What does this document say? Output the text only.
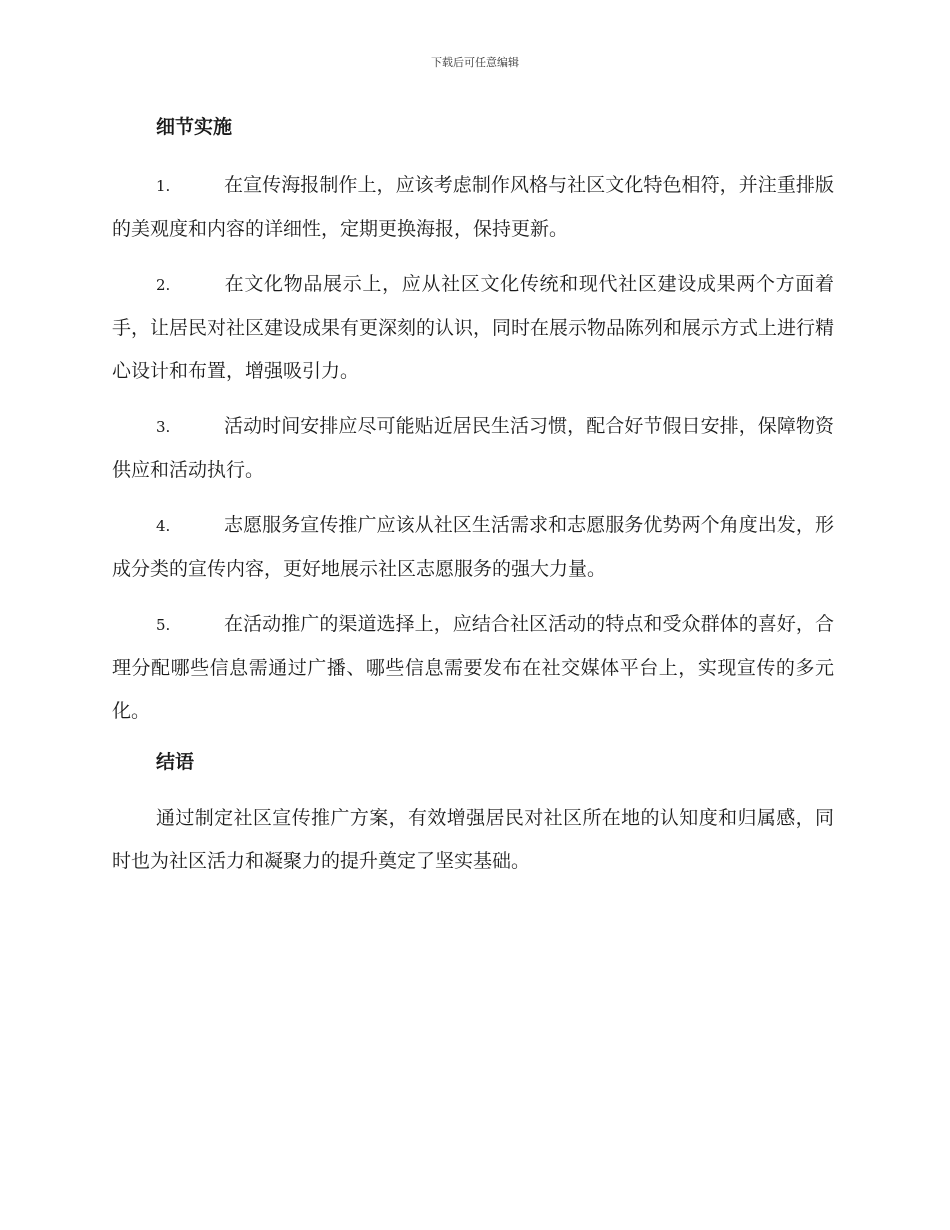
下载后可任意编辑
细节实施
1.	在宣传海报制作上，应该考虑制作风格与社区文化特色相符，并注重排版的美观度和内容的详细性，定期更换海报，保持更新。
2.	在文化物品展示上，应从社区文化传统和现代社区建设成果两个方面着手，让居民对社区建设成果有更深刻的认识，同时在展示物品陈列和展示方式上进行精心设计和布置，增强吸引力。
3.	活动时间安排应尽可能贴近居民生活习惯，配合好节假日安排，保障物资供应和活动执行。
4.	志愿服务宣传推广应该从社区生活需求和志愿服务优势两个角度出发，形成分类的宣传内容，更好地展示社区志愿服务的强大力量。
5.	在活动推广的渠道选择上，应结合社区活动的特点和受众群体的喜好，合理分配哪些信息需通过广播、哪些信息需要发布在社交媒体平台上，实现宣传的多元化。
结语
通过制定社区宣传推广方案，有效增强居民对社区所在地的认知度和归属感，同时也为社区活力和凝聚力的提升奠定了坚实基础。
